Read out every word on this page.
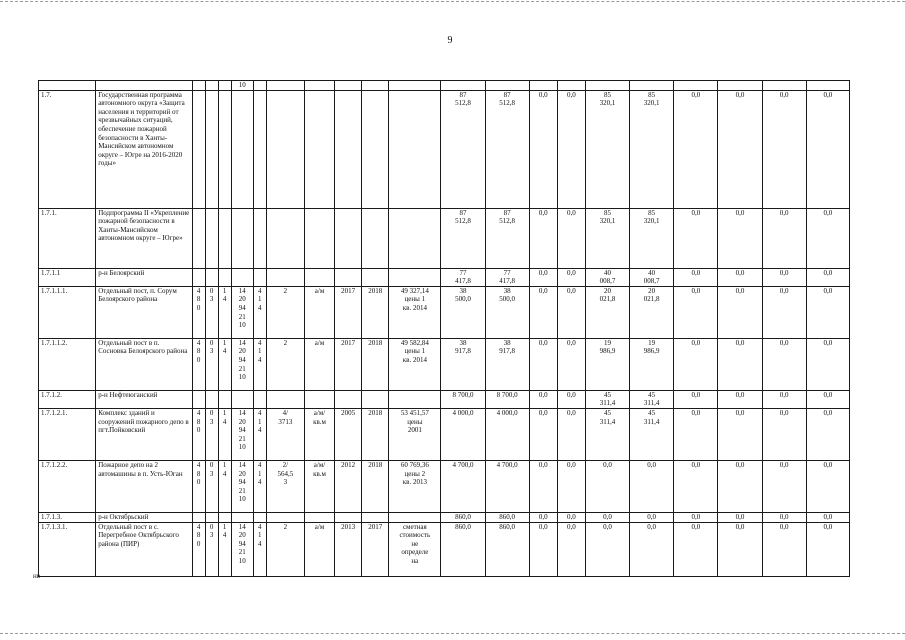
9
					10																
1.7.	Государственная программа автономного округа «Защита населения и территорий от чрезвычайных ситуаций, обеспечение пожарной безопасности в Ханты-Мансийском автономном округе – Югре на 2016-2020 годы»											87
512,8	87
512,8	0,0	0,0	85
320,1	85
320,1	0,0	0,0	0,0	0,0
1.7.1.	Подпрограмма II «Укрепление пожарной безопасности в Ханты-Мансийском автономном округе – Югре»											87
512,8	87
512,8	0,0	0,0	85
320,1	85
320,1	0,0	0,0	0,0	0,0
1.7.1.1	р-н Белоярский											77
417,8	77
417,8	0,0	0,0	40
008,7	40
008,7	0,0	0,0	0,0	0,0
1.7.1.1.1.	Отдельный пост, п. Сорум Белоярского района	4
8
0	0
3	1
4	14
20
94
21
10	4
1
4	2	а/м	2017	2018	49 327,14
цены 1
кв. 2014	38
500,0	38
500,0	0,0	0,0	20
021,8	20
021,8	0,0	0,0	0,0	0,0
1.7.1.1.2.	Отдельный пост в п. Сосновка Белоярского района	4
8
0	0
3	1
4	14
20
94
21
10	4
1
4	2	а/м	2017	2018	49 582,84
цены 1
кв. 2014	38
917,8	38
917,8	0,0	0,0	19
986,9	19
986,9	0,0	0,0	0,0	0,0
1.7.1.2.	р-н Нефтеюганский											8 700,0	8 700,0	0,0	0,0	45
311,4	45
311,4	0,0	0,0	0,0	0,0
1.7.1.2.1.	Комплекс зданий и сооружений пожарного депо в пгт.Пойковский	4
8
0	0
3	1
4	14
20
94
21
10	4
1
4	4/
3713	а/м/
кв.м	2005	2018	53 451,57
цены
2001	4 000,0	4 000,0	0,0	0,0	45
311,4	45
311,4	0,0	0,0	0,0	0,0
1.7.1.2.2.	Пожарное депо на 2 автомашины в п. Усть-Юган	4
8
0	0
3	1
4	14
20
94
21
10	4
1
4	2/
564,5
3	а/м/
кв.м	2012	2018	60 769,36
цены 2
кв. 2013	4 700,0	4 700,0	0,0	0,0	0,0	0,0	0,0	0,0	0,0	0,0
1.7.1.3.	р-н Октябрьский											860,0	860,0	0,0	0,0	0,0	0,0	0,0	0,0	0,0	0,0
1.7.1.3.1.	Отдельный пост в с. Перегребное Октябрьского района (ПИР)	4
8
0	0
3	1
4	14
20
94
21
10	4
1
4	2	а/м	2013	2017	сметная
стоимость
не
определе
на	860,0	860,0	0,0	0,0	0,0	0,0	0,0	0,0	0,0	0,0
нв
